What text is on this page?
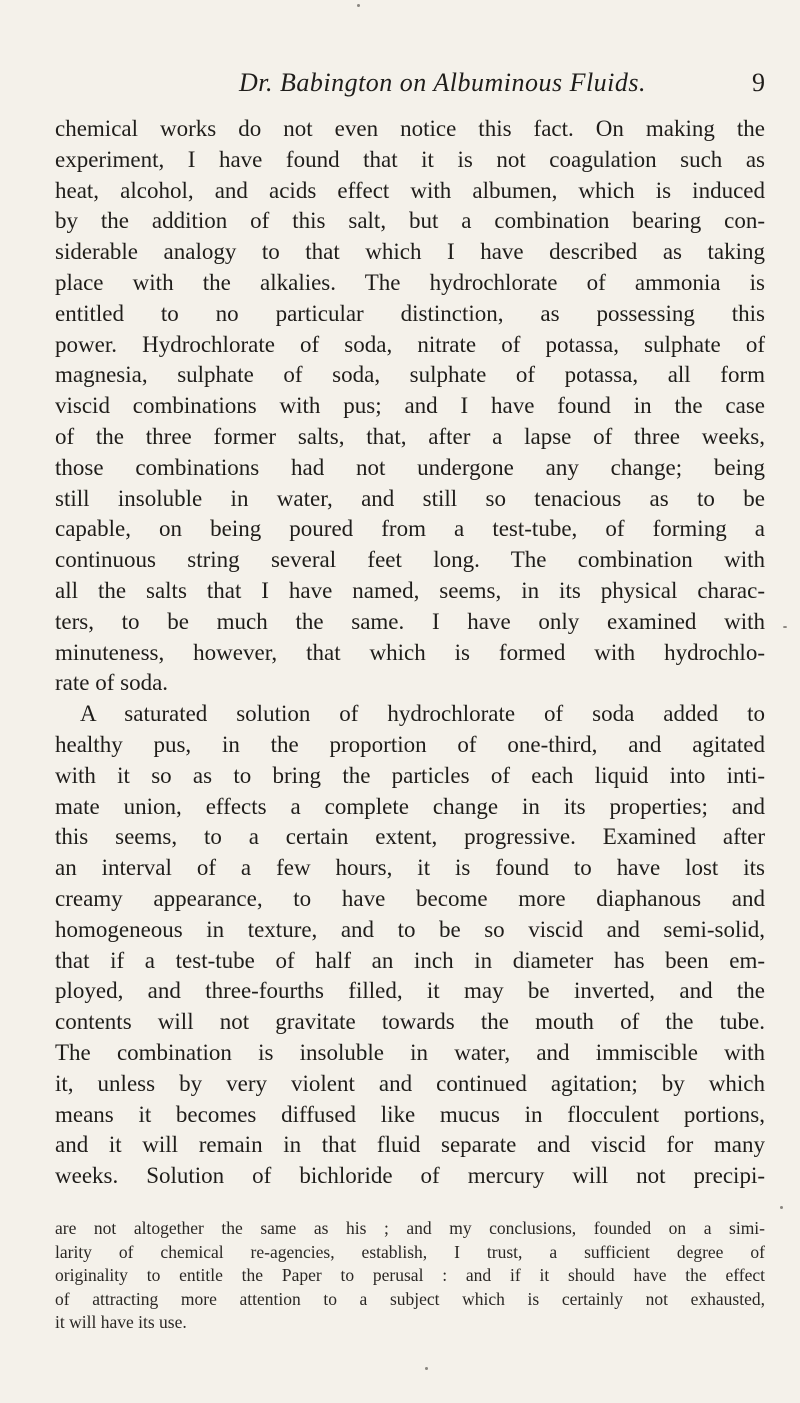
Dr. Babington on Albuminous Fluids.	9
chemical works do not even notice this fact. On making the
experiment, I have found that it is not coagulation such as
heat, alcohol, and acids effect with albumen, which is induced
by the addition of this salt, but a combination bearing con-
siderable analogy to that which I have described as taking
place with the alkalies. The hydrochlorate of ammonia is
entitled to no particular distinction, as possessing this
power. Hydrochlorate of soda, nitrate of potassa, sulphate of
magnesia, sulphate of soda, sulphate of potassa, all form
viscid combinations with pus; and I have found in the case
of the three former salts, that, after a lapse of three weeks,
those combinations had not undergone any change; being
still insoluble in water, and still so tenacious as to be
capable, on being poured from a test-tube, of forming a
continuous string several feet long. The combination with
all the salts that I have named, seems, in its physical charac-
ters, to be much the same. I have only examined with
minuteness, however, that which is formed with hydrochlo-
rate of soda.
A saturated solution of hydrochlorate of soda added to
healthy pus, in the proportion of one-third, and agitated
with it so as to bring the particles of each liquid into inti-
mate union, effects a complete change in its properties; and
this seems, to a certain extent, progressive. Examined after
an interval of a few hours, it is found to have lost its
creamy appearance, to have become more diaphanous and
homogeneous in texture, and to be so viscid and semi-solid,
that if a test-tube of half an inch in diameter has been em-
ployed, and three-fourths filled, it may be inverted, and the
contents will not gravitate towards the mouth of the tube.
The combination is insoluble in water, and immiscible with
it, unless by very violent and continued agitation; by which
means it becomes diffused like mucus in flocculent portions,
and it will remain in that fluid separate and viscid for many
weeks. Solution of bichloride of mercury will not precipi-
are not altogether the same as his ; and my conclusions, founded on a simi-
larity of chemical re-agencies, establish, I trust, a sufficient degree of
originality to entitle the Paper to perusal : and if it should have the effect
of attracting more attention to a subject which is certainly not exhausted,
it will have its use.
